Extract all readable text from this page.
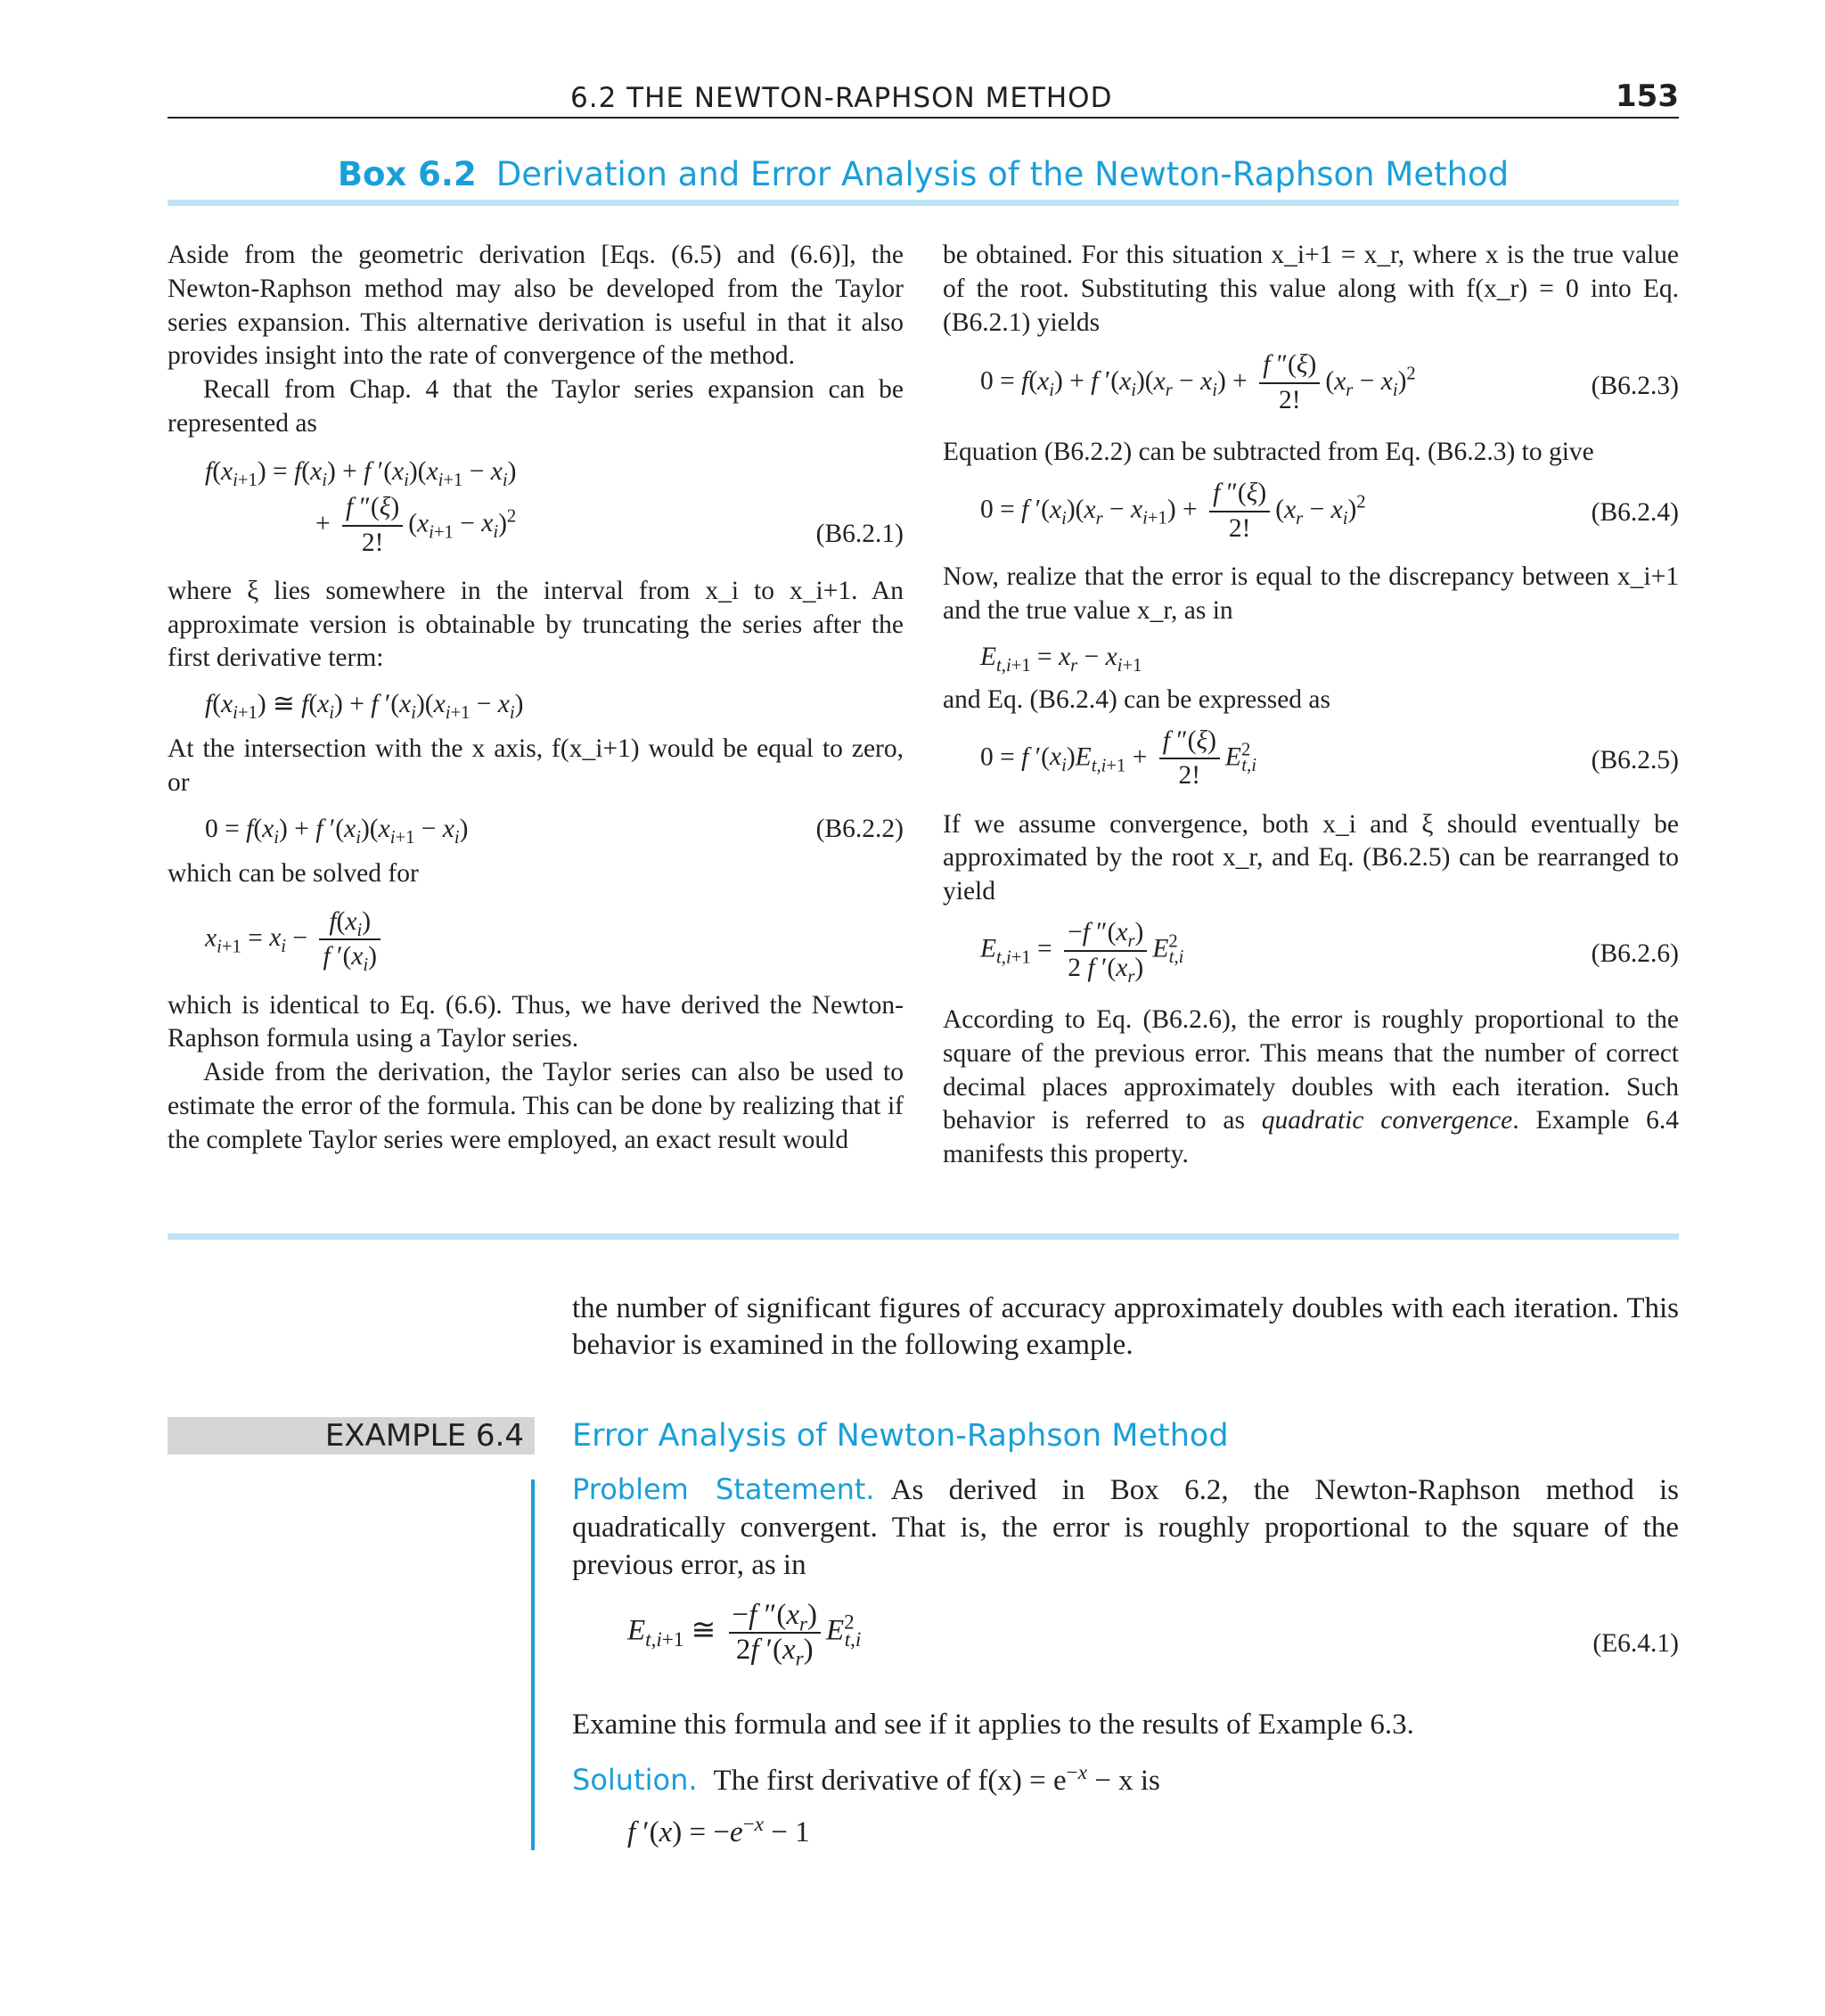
6.2 THE NEWTON-RAPHSON METHOD	153
Box 6.2 Derivation and Error Analysis of the Newton-Raphson Method

Aside from the geometric derivation [Eqs. (6.5) and (6.6)], the Newton-Raphson method may also be developed from the Taylor series expansion. This alternative derivation is useful in that it also provides insight into the rate of convergence of the method.

Recall from Chap. 4 that the Taylor series expansion can be represented as

$f(x_{i+1}) = f(x_i) + f$ $'(x_i)(x_{i+1} - x_i)$
+ $\frac{f ''(\xi)}{2!} (x_{i+1} - x_i)^2$
(B6.2.1)

where ξ lies somewhere in the interval from x_i to x_i+1. An approximate version is obtainable by truncating the series after the first derivative term:

$f(x_{i+1})$ ≅ $f(x_i) + f$ $'(x_i)(x_{i+1} - x_i)$

At the intersection with the x axis, f(x_i+1) would be equal to zero, or

$0 = f(x_i) + f$ $'(x_i)(x_{i+1} - x_i)$	(B6.2.2)

which can be solved for

$x_{i+1} = x_i - \frac{f(x_i)}{f '(x_i)}$

which is identical to Eq. (6.6). Thus, we have derived the Newton-Raphson formula using a Taylor series.

Aside from the derivation, the Taylor series can also be used to estimate the error of the formula. This can be done by realizing that if the complete Taylor series were employed, an exact result would

be obtained. For this situation x_i+1 = x_r, where x is the true value of the root. Substituting this value along with f(x_r) = 0 into Eq. (B6.2.1) yields

$0 = f(x_i) + f$ $'(x_i)(x_r - x_i) + \frac{f ''(\xi)}{2!} (x_r - x_i)^2$	(B6.2.3)

Equation (B6.2.2) can be subtracted from Eq. (B6.2.3) to give

0 = f $'(x_i)(x_r - x_{i+1}) + \frac{f ''(\xi)}{2!} (x_r - x_i)^2$	(B6.2.4)

Now, realize that the error is equal to the discrepancy between x_i+1 and the true value x_r, as in

$E_{t,i+1} = x_r - x_{i+1}$

and Eq. (B6.2.4) can be expressed as

0 = f $'(x_i)E_{t,i+1} + \frac{f ''(\xi)}{2!} E^2_{t,i}$	(B6.2.5)

If we assume convergence, both x_i and ξ should eventually be approximated by the root x_r, and Eq. (B6.2.5) can be rearranged to yield

$E_{t,i+1} = \frac{-f ''(x_r)}{2 f '(x_r)} E^2_{t,i}$	(B6.2.6)

According to Eq. (B6.2.6), the error is roughly proportional to the square of the previous error. This means that the number of correct decimal places approximately doubles with each iteration. Such behavior is referred to as quadratic convergence. Example 6.4 manifests this property.

the number of significant figures of accuracy approximately doubles with each iteration. This behavior is examined in the following example.
EXAMPLE 6.4 Error Analysis of Newton-Raphson Method
Problem Statement. As derived in Box 6.2, the Newton-Raphson method is quadratically convergent. That is, the error is roughly proportional to the square of the previous error, as in
$E_{t,i+1}$ ≅ $\frac{-f ''(x_r)}{2f '(x_r)} E^2_{t,i}$	(E6.4.1)
Examine this formula and see if it applies to the results of Example 6.3.
Solution. The first derivative of $f(x) = e^{-x} - x$ is
f $'(x) = -e^{-x} - 1$
